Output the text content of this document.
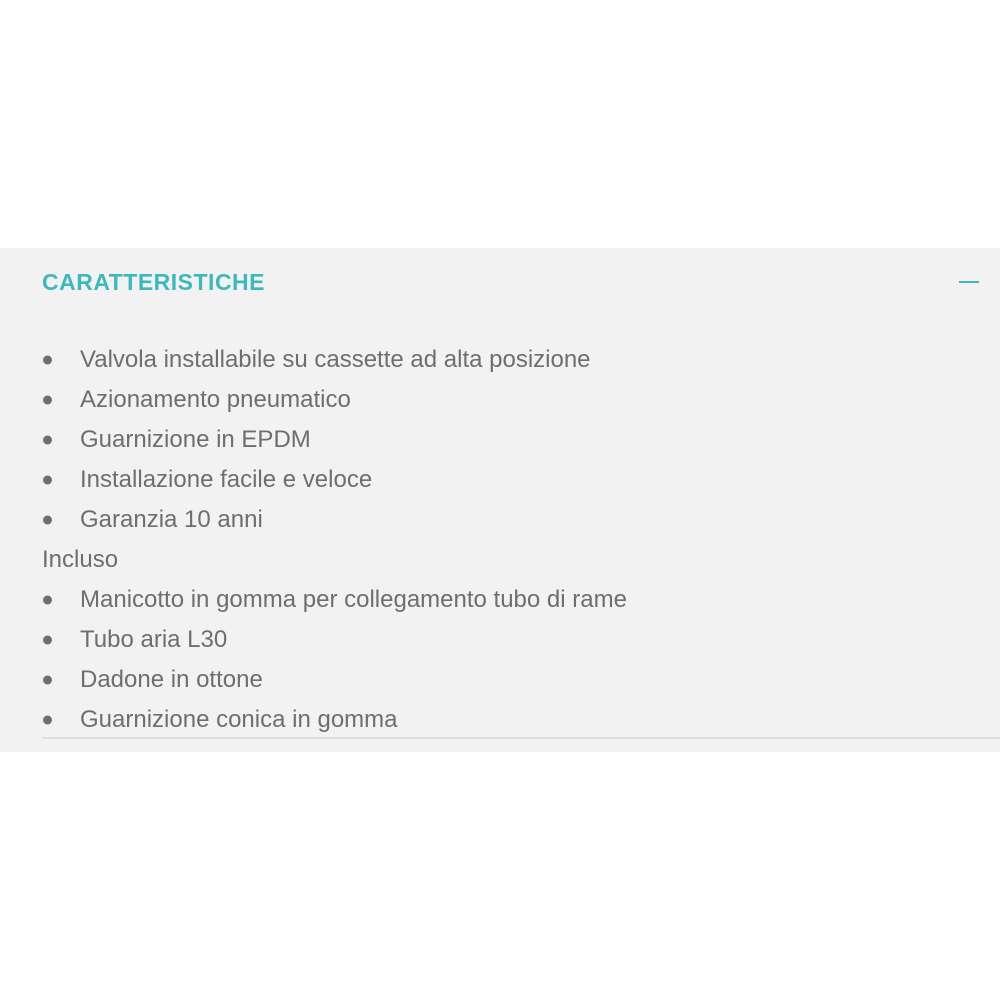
CARATTERISTICHE
Valvola installabile su cassette ad alta posizione
Azionamento pneumatico
Guarnizione in EPDM
Installazione facile e veloce
Garanzia 10 anni
Incluso
Manicotto in gomma per collegamento tubo di rame
Tubo aria L30
Dadone in ottone
Guarnizione conica in gomma
